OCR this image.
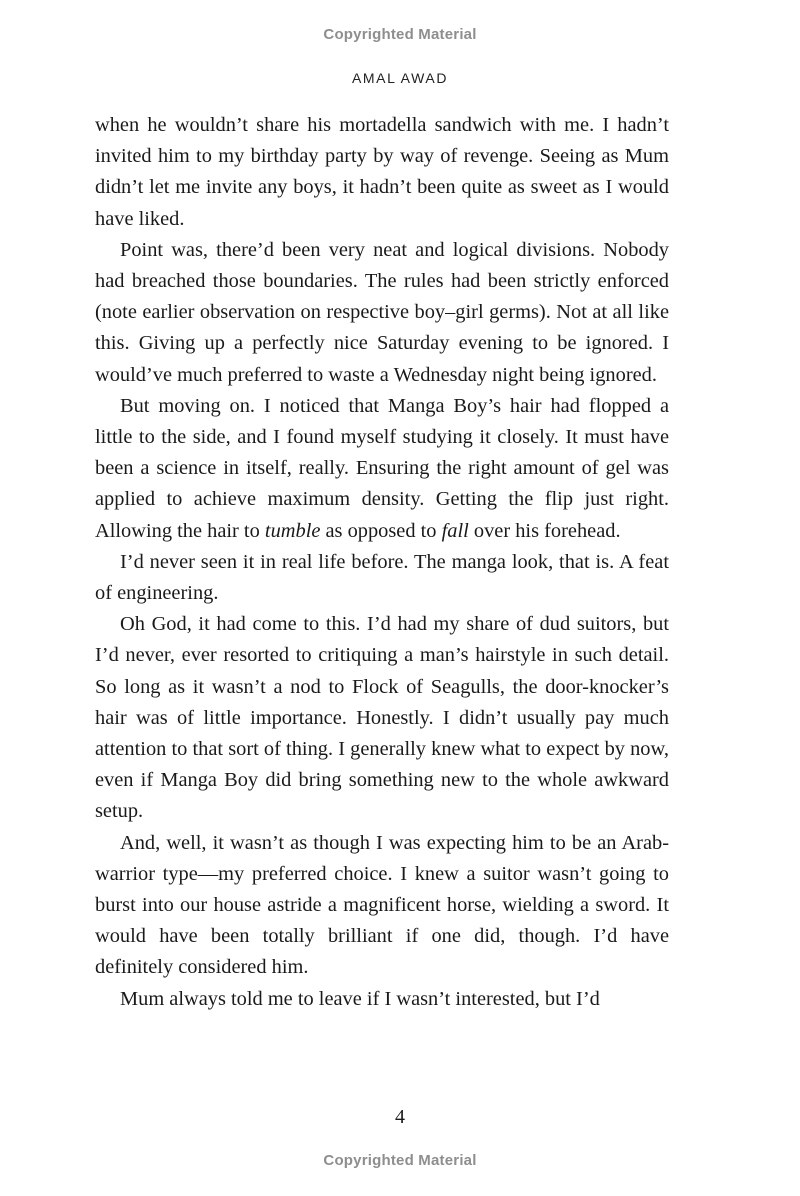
Copyrighted Material
AMAL AWAD

when he wouldn’t share his mortadella sandwich with me. I hadn’t invited him to my birthday party by way of revenge. Seeing as Mum didn’t let me invite any boys, it hadn’t been quite as sweet as I would have liked.

Point was, there’d been very neat and logical divisions. Nobody had breached those boundaries. The rules had been strictly enforced (note earlier observation on respective boy–girl germs). Not at all like this. Giving up a perfectly nice Saturday evening to be ignored. I would’ve much preferred to waste a Wednesday night being ignored.

But moving on. I noticed that Manga Boy’s hair had flopped a little to the side, and I found myself studying it closely. It must have been a science in itself, really. Ensuring the right amount of gel was applied to achieve maximum density. Getting the flip just right. Allowing the hair to tumble as opposed to fall over his forehead.

I’d never seen it in real life before. The manga look, that is. A feat of engineering.

Oh God, it had come to this. I’d had my share of dud suitors, but I’d never, ever resorted to critiquing a man’s hairstyle in such detail. So long as it wasn’t a nod to Flock of Seagulls, the door-knocker’s hair was of little importance. Honestly. I didn’t usually pay much attention to that sort of thing. I generally knew what to expect by now, even if Manga Boy did bring something new to the whole awkward setup.

And, well, it wasn’t as though I was expecting him to be an Arab-warrior type—my preferred choice. I knew a suitor wasn’t going to burst into our house astride a magnificent horse, wielding a sword. It would have been totally brilliant if one did, though. I’d have definitely considered him.

Mum always told me to leave if I wasn’t interested, but I’d

4
Copyrighted Material
